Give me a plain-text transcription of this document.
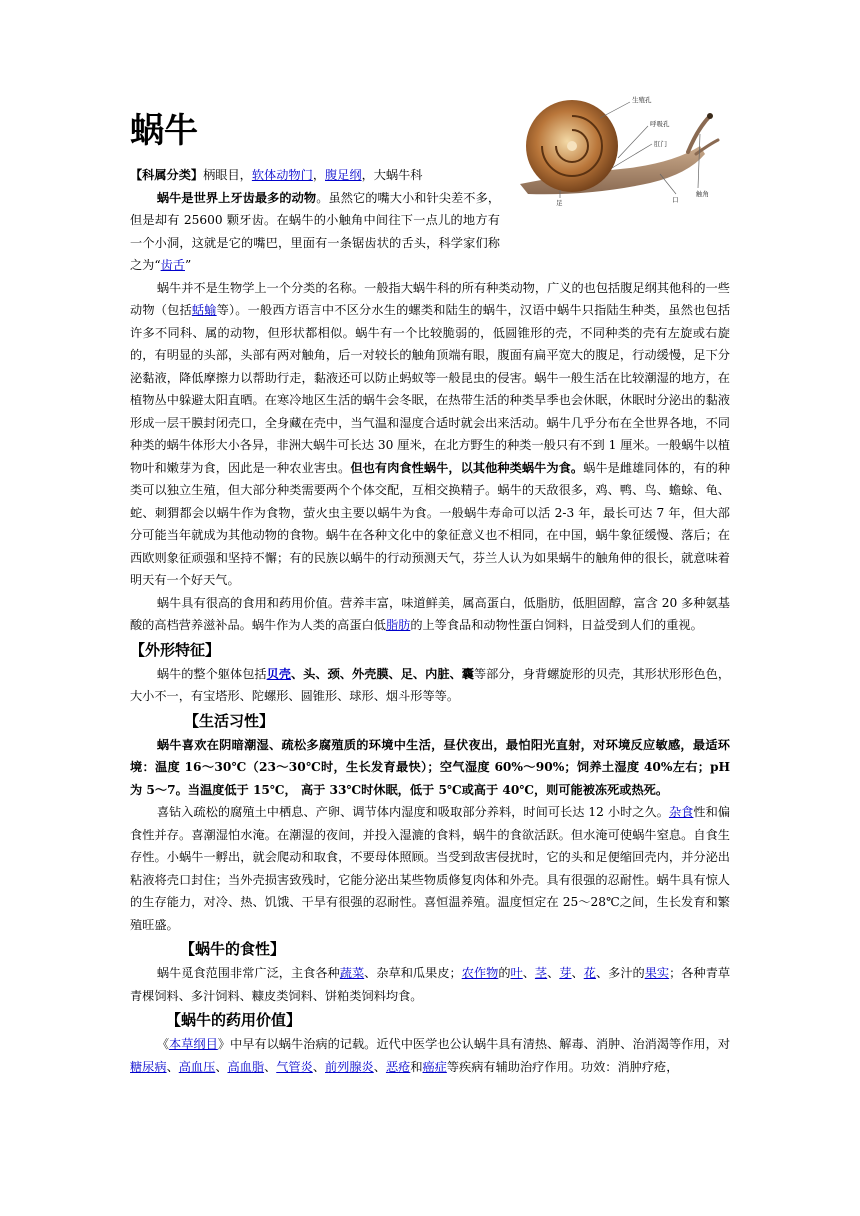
生殖孔
呼吸孔
肛门
足	口
触角
蜗牛

【科属分类】柄眼目，软体动物门，腹足纲，大蜗牛科

蜗牛是世界上牙齿最多的动物。虽然它的嘴大小和针尖差不多，但是却有 25600 颗牙齿。在蜗牛的小触角中间往下一点儿的地方有一个小洞，这就是它的嘴巴，里面有一条锯齿状的舌头，科学家们称之为“齿舌”

蜗牛并不是生物学上一个分类的名称。一般指大蜗牛科的所有种类动物，广义的也包括腹足纲其他科的一些动物（包括蛞蝓等）。一般西方语言中不区分水生的螺类和陆生的蜗牛，汉语中蜗牛只指陆生种类，虽然也包括许多不同科、属的动物，但形状都相似。蜗牛有一个比较脆弱的，低圆锥形的壳，不同种类的壳有左旋或右旋的，有明显的头部，头部有两对触角，后一对较长的触角顶端有眼，腹面有扁平宽大的腹足，行动缓慢，足下分泌黏液，降低摩擦力以帮助行走，黏液还可以防止蚂蚁等一般昆虫的侵害。蜗牛一般生活在比较潮湿的地方，在植物丛中躲避太阳直晒。在寒冷地区生活的蜗牛会冬眠，在热带生活的种类旱季也会休眠，休眠时分泌出的黏液形成一层干膜封闭壳口，全身藏在壳中，当气温和湿度合适时就会出来活动。蜗牛几乎分布在全世界各地，不同种类的蜗牛体形大小各异，非洲大蜗牛可长达 30 厘米，在北方野生的种类一般只有不到 1 厘米。一般蜗牛以植物叶和嫩芽为食，因此是一种农业害虫。但也有肉食性蜗牛，以其他种类蜗牛为食。蜗牛是雌雄同体的，有的种类可以独立生殖，但大部分种类需要两个个体交配，互相交换精子。蜗牛的天敌很多，鸡、鸭、鸟、蟾蜍、龟、蛇、刺猬都会以蜗牛作为食物，萤火虫主要以蜗牛为食。一般蜗牛寿命可以活 2-3 年，最长可达 7 年，但大部分可能当年就成为其他动物的食物。蜗牛在各种文化中的象征意义也不相同，在中国，蜗牛象征缓慢、落后；在西欧则象征顽强和坚持不懈；有的民族以蜗牛的行动预测天气，芬兰人认为如果蜗牛的触角伸的很长，就意味着明天有一个好天气。

蜗牛具有很高的食用和药用价值。营养丰富，味道鲜美，属高蛋白，低脂肪，低胆固醇，富含 20 多种氨基酸的高档营养滋补品。蜗牛作为人类的高蛋白低脂肪的上等食品和动物性蛋白饲料，日益受到人们的重视。

【外形特征】

蜗牛的整个躯体包括贝壳、头、颈、外壳膜、足、内脏、囊等部分，身背螺旋形的贝壳，其形状形形色色，大小不一，有宝塔形、陀螺形、圆锥形、球形、烟斗形等等。

【生活习性】

蜗牛喜欢在阴暗潮湿、疏松多腐殖质的环境中生活，昼伏夜出，最怕阳光直射，对环境反应敏感，最适环境：温度 16～30℃（23～30℃时，生长发育最快）；空气湿度 60%～90%；饲养土湿度 40%左右；pH 为 5～7。当温度低于 15℃， 高于 33℃时休眠，低于 5℃或高于 40℃，则可能被冻死或热死。

喜钻入疏松的腐殖土中栖息、产卵、调节体内湿度和吸取部分养料，时间可长达 12 小时之久。杂食性和偏食性并存。喜潮湿怕水淹。在潮湿的夜间，并投入湿漉的食料，蜗牛的食欲活跃。但水淹可使蜗牛窒息。自食生存性。小蜗牛一孵出，就会爬动和取食，不要母体照顾。当受到敌害侵扰时，它的头和足便缩回壳内，并分泌出粘液将壳口封住；当外壳损害致残时，它能分泌出某些物质修复肉体和外壳。具有很强的忍耐性。蜗牛具有惊人的生存能力，对冷、热、饥饿、干旱有很强的忍耐性。喜恒温养殖。温度恒定在 25～28℃之间，生长发育和繁殖旺盛。

【蜗牛的食性】

蜗牛觅食范围非常广泛，主食各种蔬菜、杂草和瓜果皮；农作物的叶、茎、芽、花、多汁的果实；各种青草青棵饲料、多汁饲料、糠皮类饲料、饼粕类饲料均食。

【蜗牛的药用价值】

《本草纲目》中早有以蜗牛治病的记载。近代中医学也公认蜗牛具有清热、解毒、消肿、治消渴等作用，对糖尿病、高血压、高血脂、气管炎、前列腺炎、恶疮和癌症等疾病有辅助治疗作用。功效：消肿疗疮，
